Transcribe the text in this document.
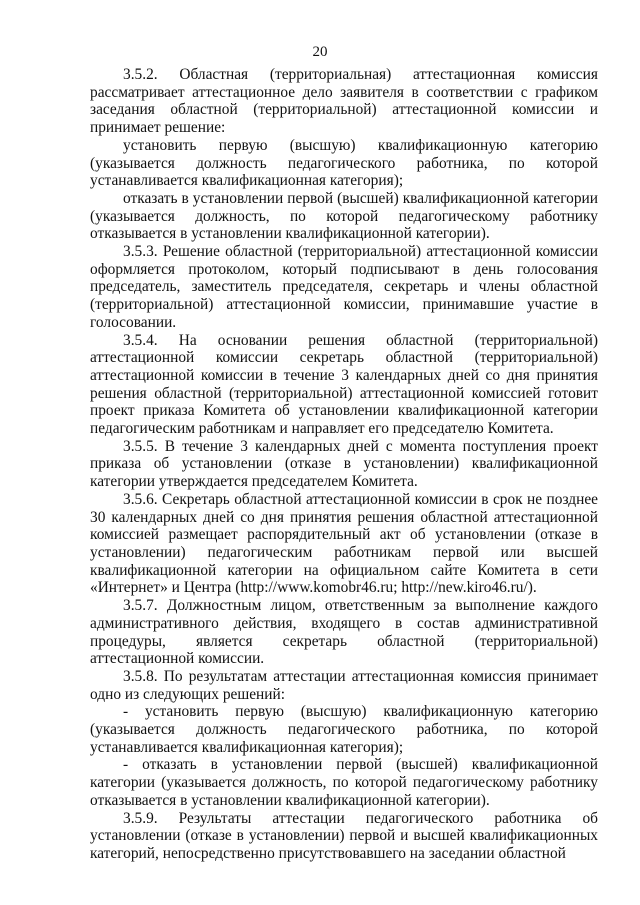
20

3.5.2. Областная (территориальная) аттестационная комиссия рассматривает аттестационное дело заявителя в соответствии с графиком заседания областной (территориальной) аттестационной комиссии и принимает решение:

установить первую (высшую) квалификационную категорию (указывается должность педагогического работника, по которой устанавливается квалификационная категория);

отказать в установлении первой (высшей) квалификационной категории (указывается должность, по которой педагогическому работнику отказывается в установлении квалификационной категории).

3.5.3. Решение областной (территориальной) аттестационной комиссии оформляется протоколом, который подписывают в день голосования председатель, заместитель председателя, секретарь и члены областной (территориальной) аттестационной комиссии, принимавшие участие в голосовании.

3.5.4. На основании решения областной (территориальной) аттестационной комиссии секретарь областной (территориальной) аттестационной комиссии в течение 3 календарных дней со дня принятия решения областной (территориальной) аттестационной комиссией готовит проект приказа Комитета об установлении квалификационной категории педагогическим работникам и направляет его председателю Комитета.

3.5.5. В течение 3 календарных дней с момента поступления проект приказа об установлении (отказе в установлении) квалификационной категории утверждается председателем Комитета.

3.5.6. Секретарь областной аттестационной комиссии в срок не позднее 30 календарных дней со дня принятия решения областной аттестационной комиссией размещает распорядительный акт об установлении (отказе в установлении) педагогическим работникам первой или высшей квалификационной категории на официальном сайте Комитета в сети «Интернет» и Центра (http://www.komobr46.ru; http://new.kiro46.ru/).

3.5.7. Должностным лицом, ответственным за выполнение каждого административного действия, входящего в состав административной процедуры, является секретарь областной (территориальной) аттестационной комиссии.

3.5.8. По результатам аттестации аттестационная комиссия принимает одно из следующих решений:

- установить первую (высшую) квалификационную категорию (указывается должность педагогического работника, по которой устанавливается квалификационная категория);

- отказать в установлении первой (высшей) квалификационной категории (указывается должность, по которой педагогическому работнику отказывается в установлении квалификационной категории).

3.5.9. Результаты аттестации педагогического работника об установлении (отказе в установлении) первой и высшей квалификационных категорий, непосредственно присутствовавшего на заседании областной
